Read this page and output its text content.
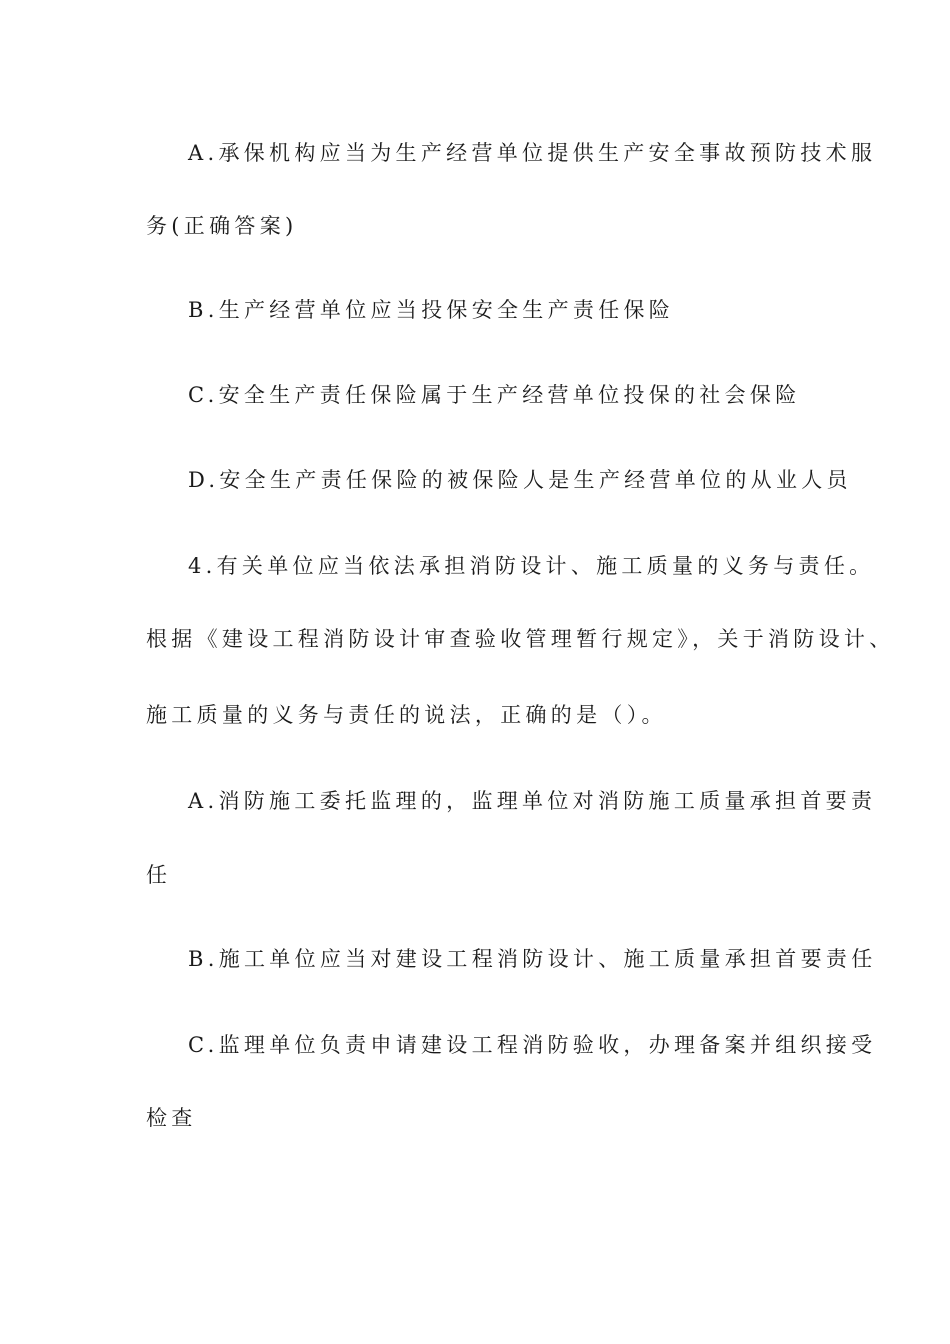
A.承保机构应当为生产经营单位提供生产安全事故预防技术服
务(正确答案)
B.生产经营单位应当投保安全生产责任保险
C.安全生产责任保险属于生产经营单位投保的社会保险
D.安全生产责任保险的被保险人是生产经营单位的从业人员
4.有关单位应当依法承担消防设计、施工质量的义务与责任。
根据《建设工程消防设计审查验收管理暂行规定》，关于消防设计、
施工质量的义务与责任的说法，正确的是（）。
A.消防施工委托监理的，监理单位对消防施工质量承担首要责
任
B.施工单位应当对建设工程消防设计、施工质量承担首要责任
C.监理单位负责申请建设工程消防验收，办理备案并组织接受
检查
